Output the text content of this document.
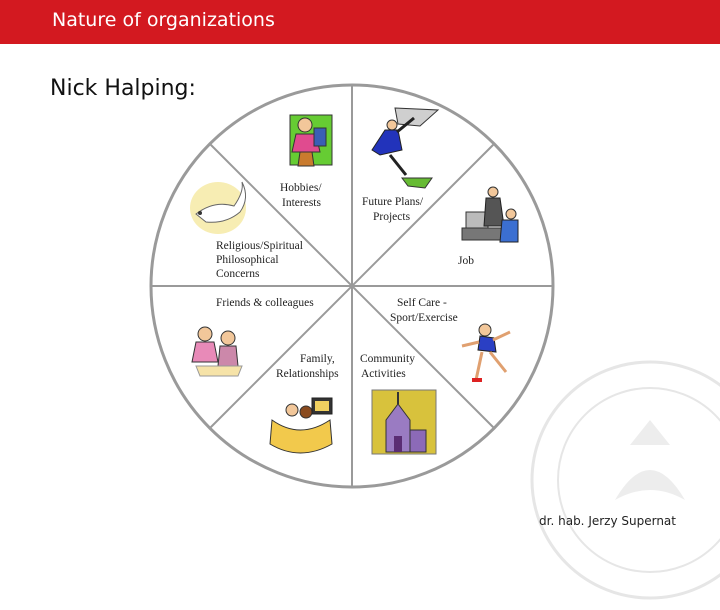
Nature of organizations
Nick Halping:
Hobbies/
Interests	Future Plans/
Projects
Job
Self Care -
Sport/Exercise
Community
Activities
Family,
Relationships
Friends & colleagues
Religious/Spiritual
Philosophical
Concerns
dr. hab. Jerzy Supernat
